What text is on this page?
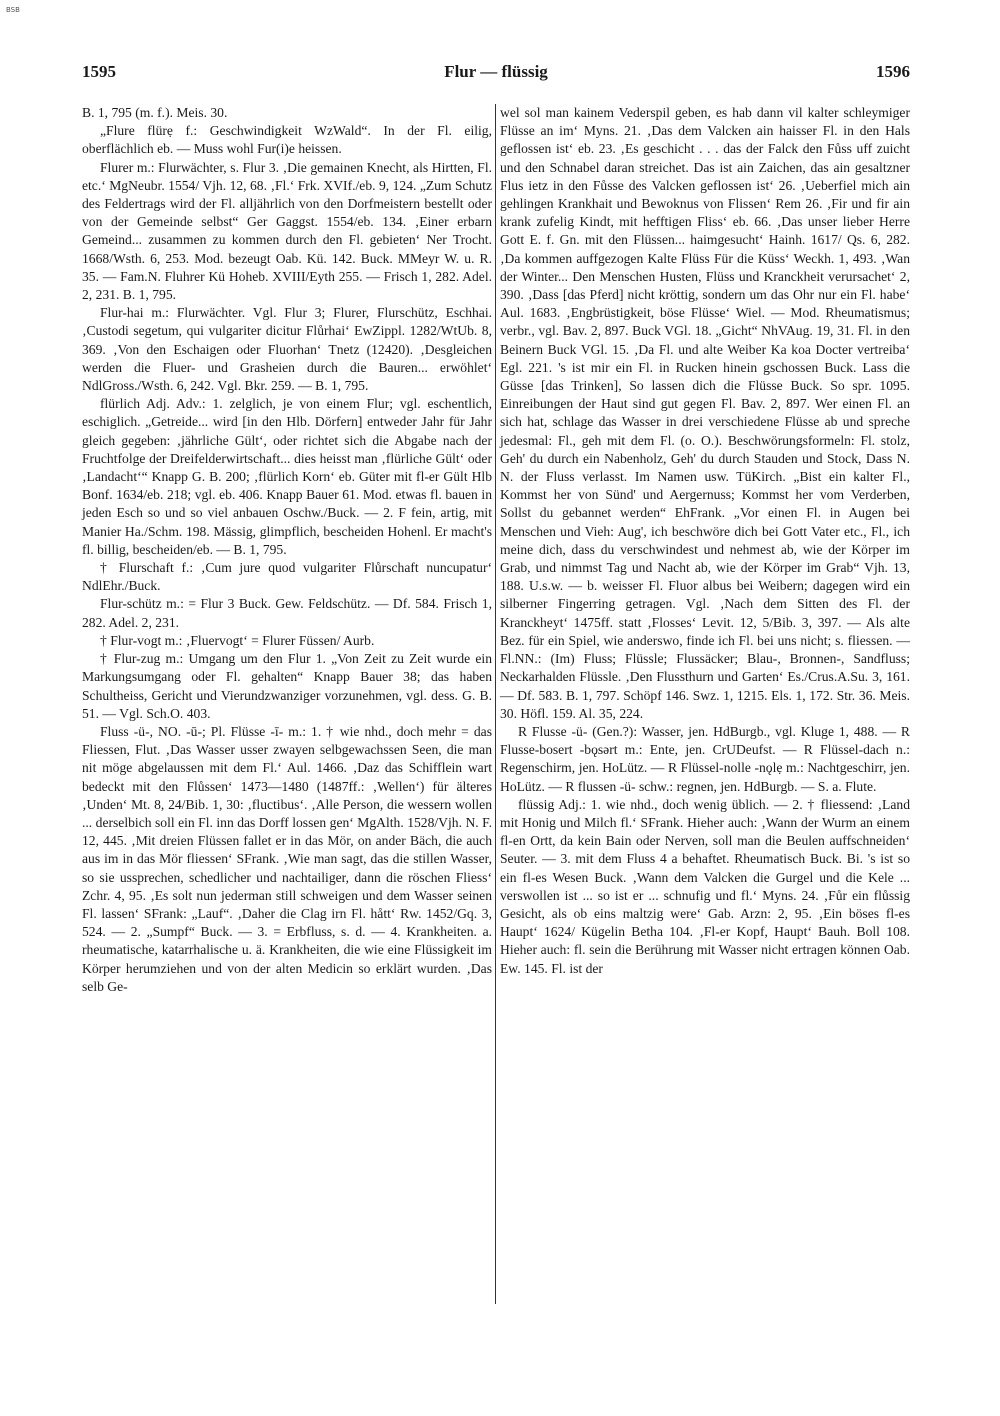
BSB
1595	Flur — flüssig	1596

B. 1, 795 (m. f.). Meis. 30.

„Flure flürẹ f.: Geschwindigkeit WzWald“. In der Fl. eilig, oberflächlich eb. — Muss wohl Fur(i)e heissen.

Flurer m.: Flurwächter, s. Flur 3. ‚Die gemainen Knecht, als Hirtten, Fl. etc.‘ MgNeubr. 1554/ Vjh. 12, 68. ‚Fl.‘ Frk. XVIf./eb. 9, 124. „Zum Schutz des Feldertrags wird der Fl. alljährlich von den Dorfmeistern bestellt oder von der Gemeinde selbst“ Ger Gaggst. 1554/eb. 134. ‚Einer erbarn Gemeind... zusammen zu kommen durch den Fl. gebieten‘ Ner Trocht. 1668/Wsth. 6, 253. Mod. bezeugt Oab. Kü. 142. Buck. MMeyr W. u. R. 35. — Fam.N. Fluhrer Kü Hoheb. XVIII/Eyth 255. — Frisch 1, 282. Adel. 2, 231. B. 1, 795.

Flur-hai m.: Flurwächter. Vgl. Flur 3; Flurer, Flurschütz, Eschhai. ‚Custodi segetum, qui vulgariter dicitur Flůrhai‘ EwZippl. 1282/WtUb. 8, 369. ‚Von den Eschaigen oder Fluorhan‘ Tnetz (12420). ‚Desgleichen werden die Fluer- und Grasheien durch die Bauren... erwöhlet‘ NdlGross./Wsth. 6, 242. Vgl. Bkr. 259. — B. 1, 795.

flürlich Adj. Adv.: 1. zelglich, je von einem Flur; vgl. eschentlich, eschiglich. „Getreide... wird [in den Hlb. Dörfern] entweder Jahr für Jahr gleich gegeben: ‚jährliche Gült‘, oder richtet sich die Abgabe nach der Fruchtfolge der Dreifelderwirtschaft... dies heisst man ‚flürliche Gült‘ oder ‚Landacht‘“ Knapp G. B. 200; ‚flürlich Korn‘ eb. Güter mit fl-er Gült Hlb Bonf. 1634/eb. 218; vgl. eb. 406. Knapp Bauer 61. Mod. etwas fl. bauen in jeden Esch so und so viel anbauen Oschw./Buck. — 2. F fein, artig, mit Manier Ha./Schm. 198. Mässig, glimpflich, bescheiden Hohenl. Er macht's fl. billig, bescheiden/eb. — B. 1, 795.

† Flurschaft f.: ‚Cum jure quod vulgariter Flůrschaft nuncupatur‘ NdlEhr./Buck.

Flur-schütz m.: = Flur 3 Buck. Gew. Feldschütz. — Df. 584. Frisch 1, 282. Adel. 2, 231.

† Flur-vogt m.: ‚Fluervogt‘ = Flurer Füssen/ Aurb.

† Flur-zug m.: Umgang um den Flur 1. „Von Zeit zu Zeit wurde ein Markungsumgang oder Fl. gehalten“ Knapp Bauer 38; das haben Schultheiss, Gericht und Vierundzwanziger vorzunehmen, vgl. dess. G. B. 51. — Vgl. Sch.O. 403.

Fluss -ü-, NO. -ū-; Pl. Flüsse -ī- m.: 1. † wie nhd., doch mehr = das Fliessen, Flut. ‚Das Wasser usser zwayen selbgewachssen Seen, die man nit möge abgelaussen mit dem Fl.‘ Aul. 1466. ‚Daz das Schifflein wart bedeckt mit den Flůssen‘ 1473—1480 (1487ff.: ‚Wellen‘) für älteres ‚Unden‘ Mt. 8, 24/Bib. 1, 30: ‚fluctibus‘. ‚Alle Person, die wessern wollen ... derselbich soll ein Fl. inn das Dorff lossen gen‘ MgAlth. 1528/Vjh. N. F. 12, 445. ‚Mit dreien Flüssen fallet er in das Mör, on ander Bäch, die auch aus im in das Mör fliessen‘ SFrank. ‚Wie man sagt, das die stillen Wasser, so sie ussprechen, schedlicher und nachtailiger, dann die röschen Fliess‘ Zchr. 4, 95. ‚Es solt nun jederman still schweigen und dem Wasser seinen Fl. lassen‘ SFrank: „Lauf“. ‚Daher die Clag irn Fl. hått‘ Rw. 1452/Gq. 3, 524. — 2. „Sumpf“ Buck. — 3. = Erbfluss, s. d. — 4. Krankheiten. a. rheumatische, katarrhalische u. ä. Krankheiten, die wie eine Flüssigkeit im Körper herumziehen und von der alten Medicin so erklärt wurden. ‚Das selb Ge-

wel sol man kainem Vederspil geben, es hab dann vil kalter schleymiger Flüsse an im‘ Myns. 21. ‚Das dem Valcken ain haisser Fl. in den Hals geflossen ist‘ eb. 23. ‚Es geschicht . . . das der Falck den Fůss uff zuicht und den Schnabel daran streichet. Das ist ain Zaichen, das ain gesaltzner Flus ietz in den Fůsse des Valcken geflossen ist‘ 26. ‚Ueberfiel mich ain gehlingen Krankhait und Bewoknus von Flissen‘ Rem 26. ‚Fir und fir ain krank zufelig Kindt, mit hefftigen Fliss‘ eb. 66. ‚Das unser lieber Herre Gott E. f. Gn. mit den Flüssen... haimgesucht‘ Hainh. 1617/ Qs. 6, 282. ‚Da kommen auffgezogen Kalte Flüss Für die Küss‘ Weckh. 1, 493. ‚Wan der Winter... Den Menschen Husten, Flüss und Kranckheit verursachet‘ 2, 390. ‚Dass [das Pferd] nicht kröttig, sondern um das Ohr nur ein Fl. habe‘ Aul. 1683. ‚Engbrüstigkeit, böse Flüsse‘ Wiel. — Mod. Rheumatismus; verbr., vgl. Bav. 2, 897. Buck VGl. 18. „Gicht“ NhVAug. 19, 31. Fl. in den Beinern Buck VGl. 15. ‚Da Fl. und alte Weiber Ka koa Docter vertreiba‘ Egl. 221. 's ist mir ein Fl. in Rucken hinein gschossen Buck. Lass die Güsse [das Trinken], So lassen dich die Flüsse Buck. So spr. 1095. Einreibungen der Haut sind gut gegen Fl. Bav. 2, 897. Wer einen Fl. an sich hat, schlage das Wasser in drei verschiedene Flüsse ab und spreche jedesmal: Fl., geh mit dem Fl. (o. O.). Beschwörungsformeln: Fl. stolz, Geh' du durch ein Nabenholz, Geh' du durch Stauden und Stock, Dass N. N. der Fluss verlasst. Im Namen usw. TüKirch. „Bist ein kalter Fl., Kommst her von Sünd' und Aergernuss; Kommst her vom Verderben, Sollst du gebannet werden“ EhFrank. „Vor einen Fl. in Augen bei Menschen und Vieh: Aug', ich beschwöre dich bei Gott Vater etc., Fl., ich meine dich, dass du verschwindest und nehmest ab, wie der Körper im Grab, und nimmst Tag und Nacht ab, wie der Körper im Grab“ Vjh. 13, 188. U.s.w. — b. weisser Fl. Fluor albus bei Weibern; dagegen wird ein silberner Fingerring getragen. Vgl. ‚Nach dem Sitten des Fl. der Kranckheyt‘ 1475ff. statt ‚Flosses‘ Levit. 12, 5/Bib. 3, 397. — Als alte Bez. für ein Spiel, wie anderswo, finde ich Fl. bei uns nicht; s. fliessen. — Fl.NN.: (Im) Fluss; Flüssle; Flussäcker; Blau-, Bronnen-, Sandfluss; Neckarhalden Flüssle. ‚Den Flussthurn und Garten‘ Es./Crus.A.Su. 3, 161. — Df. 583. B. 1, 797. Schöpf 146. Swz. 1, 1215. Els. 1, 172. Str. 36. Meis. 30. Höfl. 159. Al. 35, 224.

R Flusse -ü- (Gen.?): Wasser, jen. HdBurgb., vgl. Kluge 1, 488. — R Flusse-bosert -bǫsərt m.: Ente, jen. CrUDeufst. — R Flüssel-dach n.: Regenschirm, jen. HoLütz. — R Flüssel-nolle -nǫlẹ m.: Nachtgeschirr, jen. HoLütz. — R flussen -ü- schw.: regnen, jen. HdBurgb. — S. a. Flute.

flüssig Adj.: 1. wie nhd., doch wenig üblich. — 2. † fliessend: ‚Land mit Honig und Milch fl.‘ SFrank. Hieher auch: ‚Wann der Wurm an einem fl-en Ortt, da kein Bain oder Nerven, soll man die Beulen auffschneiden‘ Seuter. — 3. mit dem Fluss 4 a behaftet. Rheumatisch Buck. Bi. 's ist so ein fl-es Wesen Buck. ‚Wann dem Valcken die Gurgel und die Kele ... verswollen ist ... so ist er ... schnufig und fl.‘ Myns. 24. ‚Fůr ein flůssig Gesicht, als ob eins maltzig were‘ Gab. Arzn: 2, 95. ‚Ein böses fl-es Haupt‘ 1624/ Kügelin Betha 104. ‚Fl-er Kopf, Haupt‘ Bauh. Boll 108. Hieher auch: fl. sein die Berührung mit Wasser nicht ertragen können Oab. Ew. 145. Fl. ist der
